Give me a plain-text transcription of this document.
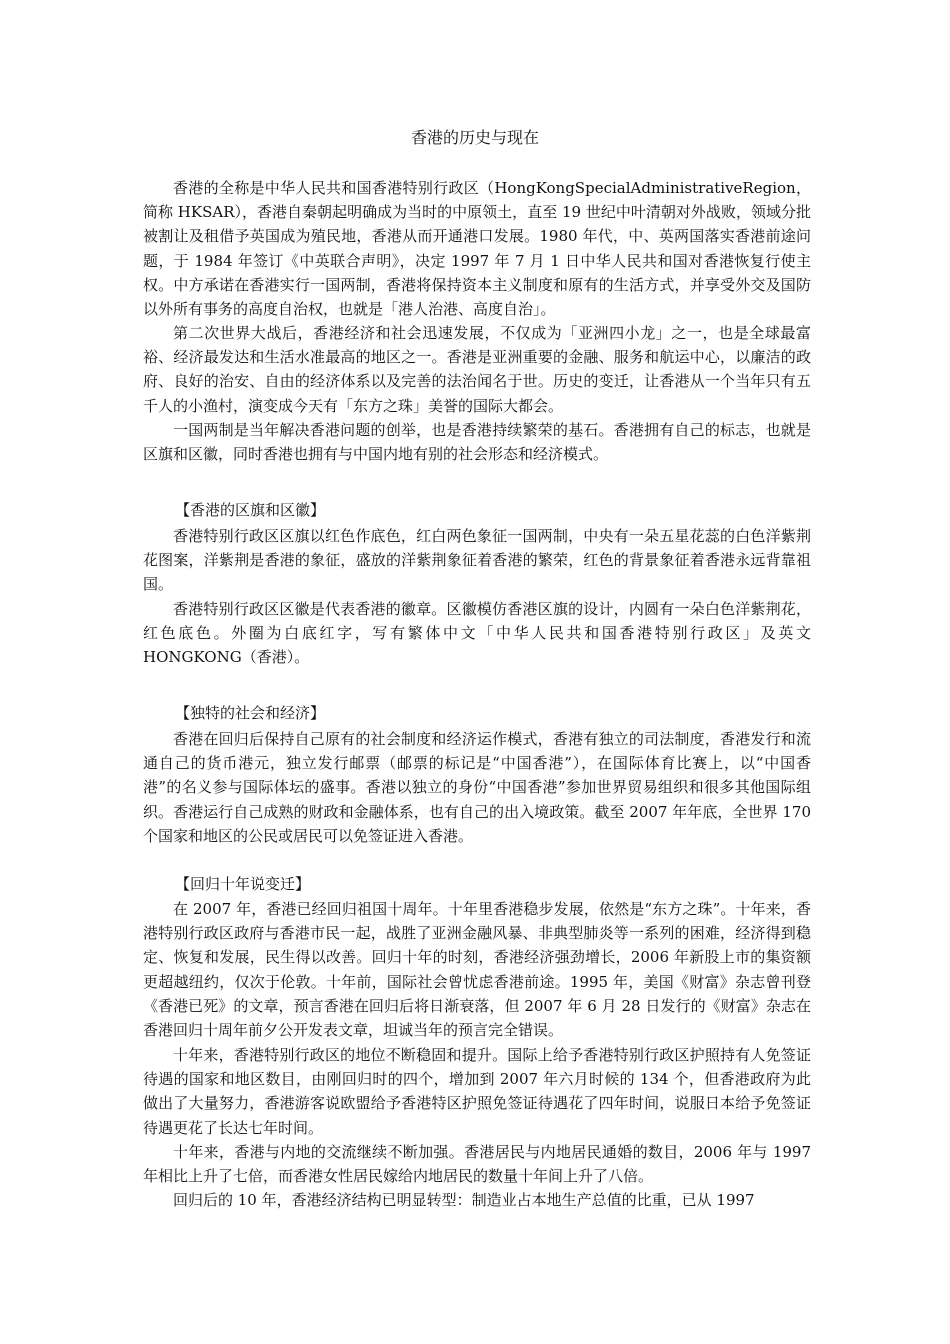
香港的历史与现在

香港的全称是中华人民共和国香港特别行政区（HongKongSpecialAdministrativeRegion，简称 HKSAR），香港自秦朝起明确成为当时的中原领土，直至 19 世纪中叶清朝对外战败，领域分批被割让及租借予英国成为殖民地，香港从而开通港口发展。1980 年代，中、英两国落实香港前途问题，于 1984 年签订《中英联合声明》，决定 1997 年 7 月 1 日中华人民共和国对香港恢复行使主权。中方承诺在香港实行一国两制，香港将保持资本主义制度和原有的生活方式，并享受外交及国防以外所有事务的高度自治权，也就是「港人治港、高度自治」。

第二次世界大战后，香港经济和社会迅速发展，不仅成为「亚洲四小龙」之一，也是全球最富裕、经济最发达和生活水准最高的地区之一。香港是亚洲重要的金融、服务和航运中心，以廉洁的政府、良好的治安、自由的经济体系以及完善的法治闻名于世。历史的变迁，让香港从一个当年只有五千人的小渔村，演变成今天有「东方之珠」美誉的国际大都会。

一国两制是当年解决香港问题的创举，也是香港持续繁荣的基石。香港拥有自己的标志，也就是区旗和区徽，同时香港也拥有与中国内地有别的社会形态和经济模式。

【香港的区旗和区徽】

香港特别行政区区旗以红色作底色，红白两色象征一国两制，中央有一朵五星花蕊的白色洋紫荆花图案，洋紫荆是香港的象征，盛放的洋紫荆象征着香港的繁荣，红色的背景象征着香港永远背靠祖国。

香港特别行政区区徽是代表香港的徽章。区徽模仿香港区旗的设计，内圆有一朵白色洋紫荆花，红色底色。外圈为白底红字，写有繁体中文「中华人民共和国香港特别行政区」及英文 HONGKONG（香港）。

【独特的社会和经济】

香港在回归后保持自己原有的社会制度和经济运作模式，香港有独立的司法制度，香港发行和流通自己的货币港元，独立发行邮票（邮票的标记是“中国香港”），在国际体育比赛上，以“中国香港”的名义参与国际体坛的盛事。香港以独立的身份“中国香港”参加世界贸易组织和很多其他国际组织。香港运行自己成熟的财政和金融体系，也有自己的出入境政策。截至 2007 年年底，全世界 170 个国家和地区的公民或居民可以免签证进入香港。

【回归十年说变迁】

在 2007 年，香港已经回归祖国十周年。十年里香港稳步发展，依然是“东方之珠”。十年来，香港特别行政区政府与香港市民一起，战胜了亚洲金融风暴、非典型肺炎等一系列的困难，经济得到稳定、恢复和发展，民生得以改善。回归十年的时刻，香港经济强劲增长，2006 年新股上市的集资额更超越纽约，仅次于伦敦。十年前，国际社会曾忧虑香港前途。1995 年，美国《财富》杂志曾刊登《香港已死》的文章，预言香港在回归后将日渐衰落，但 2007 年 6 月 28 日发行的《财富》杂志在香港回归十周年前夕公开发表文章，坦诚当年的预言完全错误。

十年来，香港特别行政区的地位不断稳固和提升。国际上给予香港特别行政区护照持有人免签证待遇的国家和地区数目，由刚回归时的四个，增加到 2007 年六月时候的 134 个，但香港政府为此做出了大量努力，香港游客说欧盟给予香港特区护照免签证待遇花了四年时间，说服日本给予免签证待遇更花了长达七年时间。

十年来，香港与内地的交流继续不断加强。香港居民与内地居民通婚的数目，2006 年与 1997 年相比上升了七倍，而香港女性居民嫁给内地居民的数量十年间上升了八倍。

回归后的 10 年，香港经济结构已明显转型：制造业占本地生产总值的比重，已从 1997
